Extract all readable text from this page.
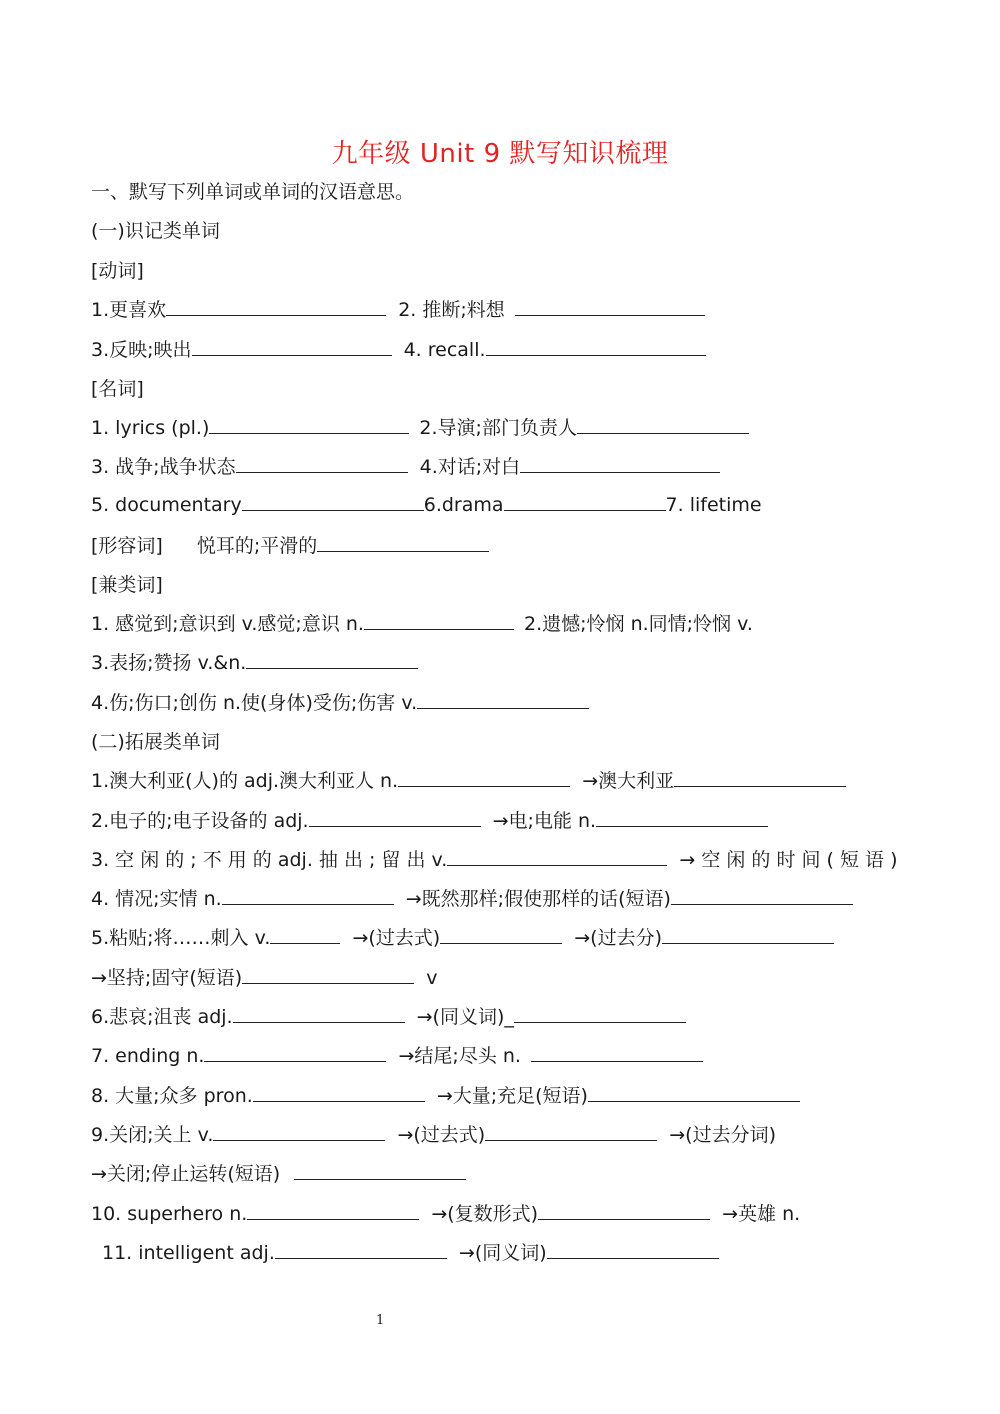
九年级 Unit 9 默写知识梳理
一、默写下列单词或单词的汉语意思。
(一)识记类单词
[动词]
1.更喜欢	2. 推断;料想
3.反映;映出	4. recall.
[名词]
1. lyrics (pl.)	2.导演;部门负责人
3. 战争;战争状态	4.对话;对白
5. documentary	6.drama	7. lifetime
[形容词] 悦耳的;平滑的
[兼类词]
1. 感觉到;意识到 v.感觉;意识 n.	2.遗憾;怜悯 n.同情;怜悯 v.
3.表扬;赞扬 v.&n.
4.伤;伤口;创伤 n.使(身体)受伤;伤害 v.
(二)拓展类单词
1.澳大利亚(人)的 adj.澳大利亚人 n.	→澳大利亚
2.电子的;电子设备的 adj.	→电;电能 n.
3. 空 闲 的 ; 不 用 的 adj. 抽 出 ; 留 出 v.	→ 空 闲 的 时 间 ( 短 语 )
4. 情况;实情 n.	→既然那样;假使那样的话(短语)
5.粘贴;将……刺入 v.	→(过去式)	→(过去分)
→坚持;固守(短语)	v
6.悲哀;沮丧 adj.	→(同义词)_
7. ending n.	→结尾;尽头 n.
8. 大量;众多 pron.	→大量;充足(短语)
9.关闭;关上 v.	→(过去式)	→(过去分词)
→关闭;停止运转(短语)
10. superhero n.	→(复数形式)	→英雄 n.
11. intelligent adj.	→(同义词)
1
